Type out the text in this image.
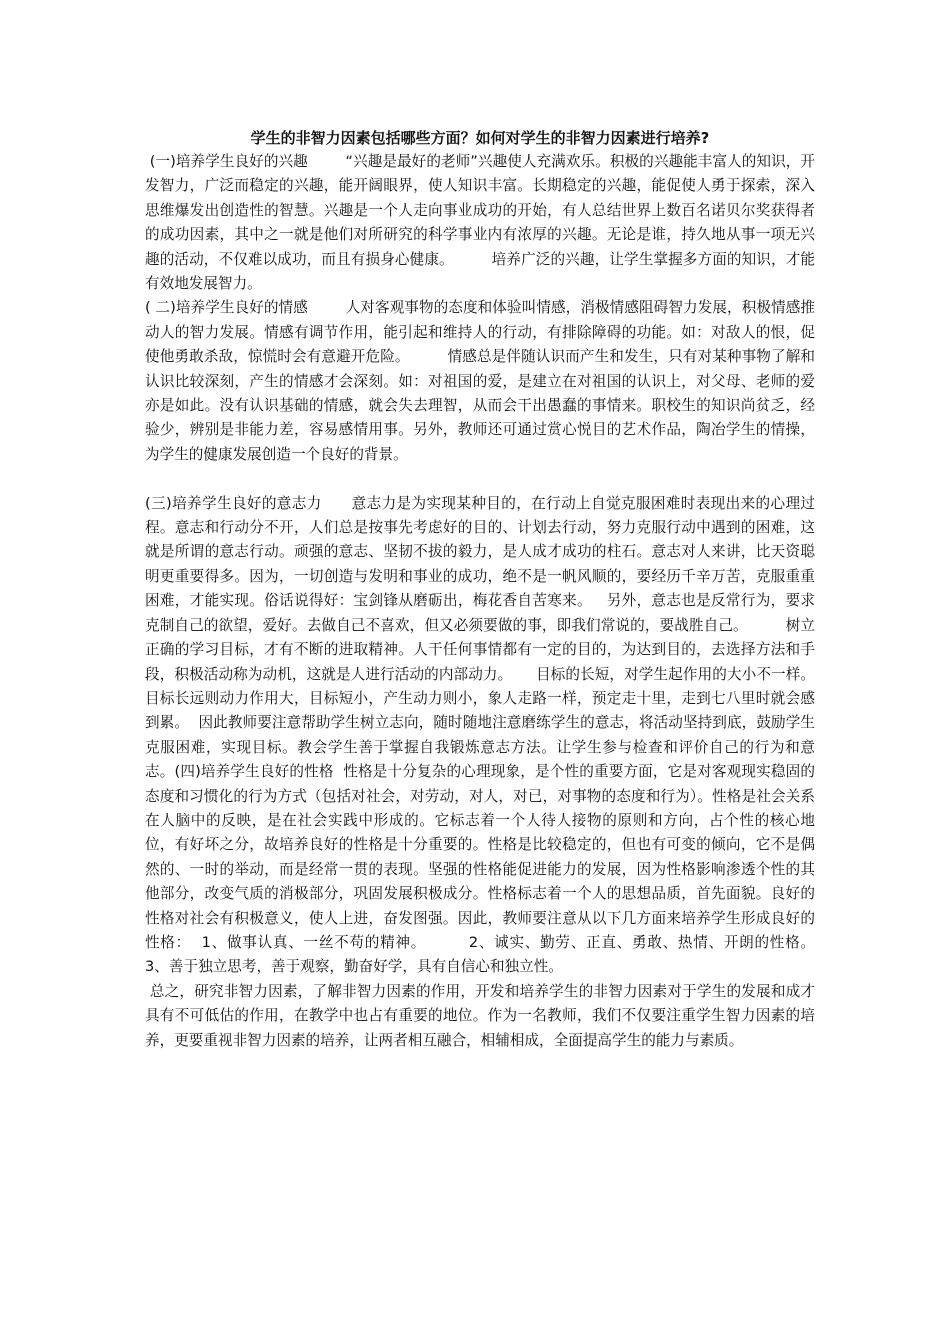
学生的非智力因素包括哪些方面？如何对学生的非智力因素进行培养?

(一)培养学生良好的兴趣        “兴趣是最好的老师”兴趣使人充满欢乐。积极的兴趣能丰富人的知识，开发智力，广泛而稳定的兴趣，能开阔眼界，使人知识丰富。长期稳定的兴趣，能促使人勇于探索，深入思维爆发出创造性的智慧。兴趣是一个人走向事业成功的开始，有人总结世界上数百名诺贝尔奖获得者的成功因素，其中之一就是他们对所研究的科学事业内有浓厚的兴趣。无论是谁，持久地从事一项无兴趣的活动，不仅难以成功，而且有损身心健康。        培养广泛的兴趣，让学生掌握多方面的知识，才能有效地发展智力。

( 二)培养学生良好的情感        人对客观事物的态度和体验叫情感，消极情感阻碍智力发展，积极情感推动人的智力发展。情感有调节作用，能引起和维持人的行动，有排除障碍的功能。如：对敌人的恨，促使他勇敢杀敌，惊慌时会有意避开危险。        情感总是伴随认识而产生和发生，只有对某种事物了解和认识比较深刻，产生的情感才会深刻。如：对祖国的爱，是建立在对祖国的认识上，对父母、老师的爱亦是如此。没有认识基础的情感，就会失去理智，从而会干出愚蠢的事情来。职校生的知识尚贫乏，经验少，辨别是非能力差，容易感情用事。另外，教师还可通过赏心悦目的艺术作品，陶冶学生的情操，为学生的健康发展创造一个良好的背景。

(三)培养学生良好的意志力      意志力是为实现某种目的，在行动上自觉克服困难时表现出来的心理过程。意志和行动分不开，人们总是按事先考虑好的目的、计划去行动，努力克服行动中遇到的困难，这就是所谓的意志行动。顽强的意志、坚韧不拔的毅力，是人成才成功的柱石。意志对人来讲，比天资聪明更重要得多。因为，一切创造与发明和事业的成功，绝不是一帆风顺的，要经历千辛万苦，克服重重困难，才能实现。俗话说得好：宝剑锋从磨砺出，梅花香自苦寒来。   另外，意志也是反常行为，要求克制自己的欲望，爱好。去做自己不喜欢，但又必须要做的事，即我们常说的，要战胜自己。        树立正确的学习目标，才有不断的进取精神。人干任何事情都有一定的目的，为达到目的，去选择方法和手段，积极活动称为动机，这就是人进行活动的内部动力。     目标的长短，对学生起作用的大小不一样。目标长远则动力作用大，目标短小，产生动力则小，象人走路一样，预定走十里，走到七八里时就会感到累。  因此教师要注意帮助学生树立志向，随时随地注意磨练学生的意志，将活动坚持到底，鼓励学生克服困难，实现目标。教会学生善于掌握自我锻炼意志方法。让学生参与检查和评价自己的行为和意志。(四)培养学生良好的性格  性格是十分复杂的心理现象，是个性的重要方面，它是对客观现实稳固的态度和习惯化的行为方式（包括对社会，对劳动，对人，对已，对事物的态度和行为）。性格是社会关系在人脑中的反映，是在社会实践中形成的。它标志着一个人待人接物的原则和方向，占个性的核心地位，有好坏之分，故培养良好的性格是十分重要的。性格是比较稳定的，但也有可变的倾向，它不是偶然的、一时的举动，而是经常一贯的表现。坚强的性格能促进能力的发展，因为性格影响渗透个性的其他部分，改变气质的消极部分，巩固发展积极成分。性格标志着一个人的思想品质，首先面貌。良好的性格对社会有积极意义，使人上进，奋发图强。因此，教师要注意从以下几方面来培养学生形成良好的性格：  1、做事认真、一丝不苟的精神。        2、诚实、勤劳、正直、勇敢、热情、开朗的性格。        3、善于独立思考，善于观察，勤奋好学，具有自信心和独立性。

总之，研究非智力因素，了解非智力因素的作用，开发和培养学生的非智力因素对于学生的发展和成才具有不可低估的作用，在教学中也占有重要的地位。作为一名教师，我们不仅要注重学生智力因素的培养，更要重视非智力因素的培养，让两者相互融合，相辅相成，全面提高学生的能力与素质。
